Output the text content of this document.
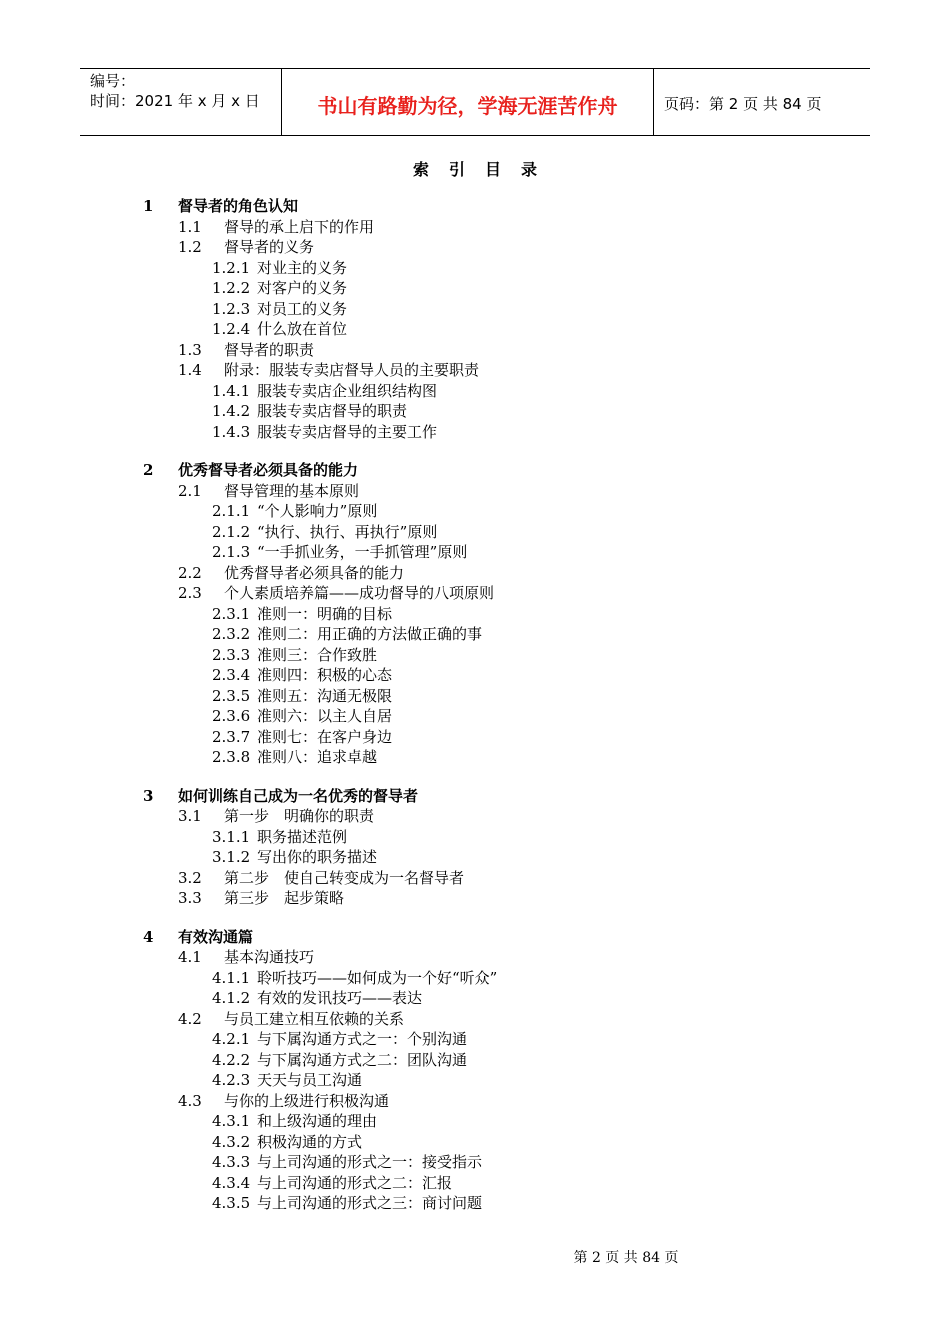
编号：
时间：2021 年 x 月 x 日	书山有路勤为径，学海无涯苦作舟	页码：第 2 页 共 84 页
索引目录
1 督导者的角色认知
1.1 督导的承上启下的作用
1.2 督导者的义务
1.2.1 对业主的义务
1.2.2 对客户的义务
1.2.3 对员工的义务
1.2.4 什么放在首位
1.3 督导者的职责
1.4 附录：服装专卖店督导人员的主要职责
1.4.1 服装专卖店企业组织结构图
1.4.2 服装专卖店督导的职责
1.4.3 服装专卖店督导的主要工作
2 优秀督导者必须具备的能力
2.1 督导管理的基本原则
2.1.1 “个人影响力”原则
2.1.2 “执行、执行、再执行”原则
2.1.3 “一手抓业务，一手抓管理”原则
2.2 优秀督导者必须具备的能力
2.3 个人素质培养篇——成功督导的八项原则
2.3.1 准则一：明确的目标
2.3.2 准则二：用正确的方法做正确的事
2.3.3 准则三：合作致胜
2.3.4 准则四：积极的心态
2.3.5 准则五：沟通无极限
2.3.6 准则六：以主人自居
2.3.7 准则七：在客户身边
2.3.8 准则八：追求卓越
3 如何训练自己成为一名优秀的督导者
3.1 第一步　明确你的职责
3.1.1 职务描述范例
3.1.2 写出你的职务描述
3.2 第二步　使自己转变成为一名督导者
3.3 第三步　起步策略
4 有效沟通篇
4.1 基本沟通技巧
4.1.1 聆听技巧——如何成为一个好“听众”
4.1.2 有效的发讯技巧——表达
4.2 与员工建立相互依赖的关系
4.2.1 与下属沟通方式之一：个别沟通
4.2.2 与下属沟通方式之二：团队沟通
4.2.3 天天与员工沟通
4.3 与你的上级进行积极沟通
4.3.1 和上级沟通的理由
4.3.2 积极沟通的方式
4.3.3 与上司沟通的形式之一：接受指示
4.3.4 与上司沟通的形式之二：汇报
4.3.5 与上司沟通的形式之三：商讨问题
第 2 页 共 84 页
